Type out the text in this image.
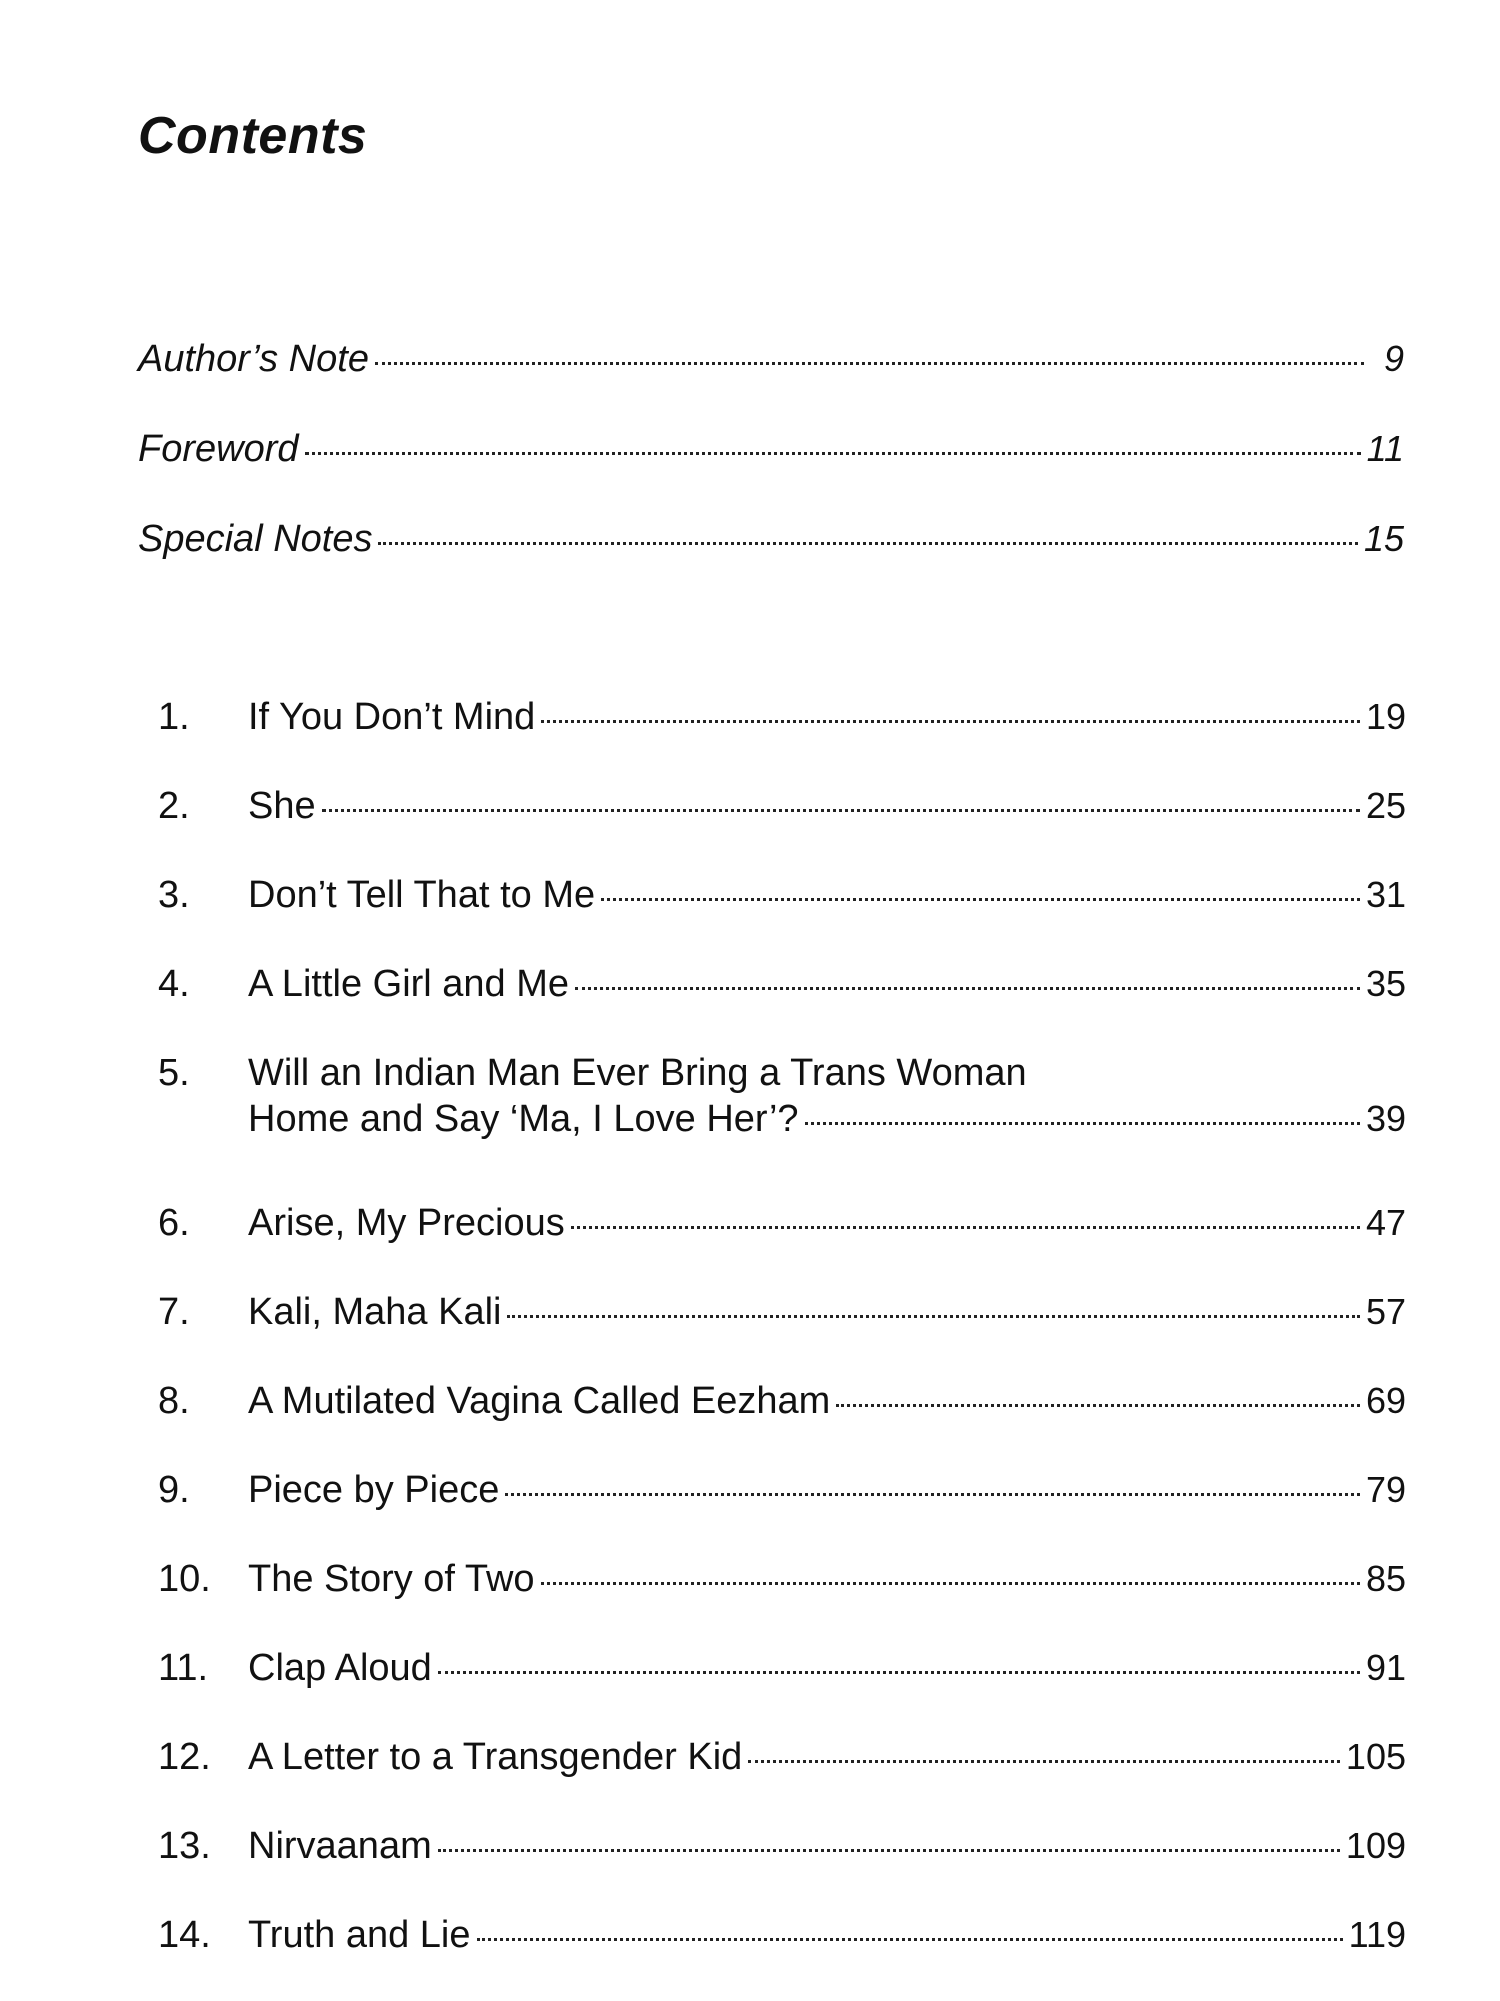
Contents
Author’s Note	9
Foreword	11
Special Notes	15
1.	If You Don’t Mind	19
2.	She	25
3.	Don’t Tell That to Me	31
4.	A Little Girl and Me	35
5.	Will an Indian Man Ever Bring a Trans Woman
Home and Say ‘Ma, I Love Her’?	39
6.	Arise, My Precious	47
7.	Kali, Maha Kali	57
8.	A Mutilated Vagina Called Eezham	69
9.	Piece by Piece	79
10. The Story of Two	85
11.	Clap Aloud	91
12. A Letter to a Transgender Kid	105
13. Nirvaanam	109
14. Truth and Lie	119
